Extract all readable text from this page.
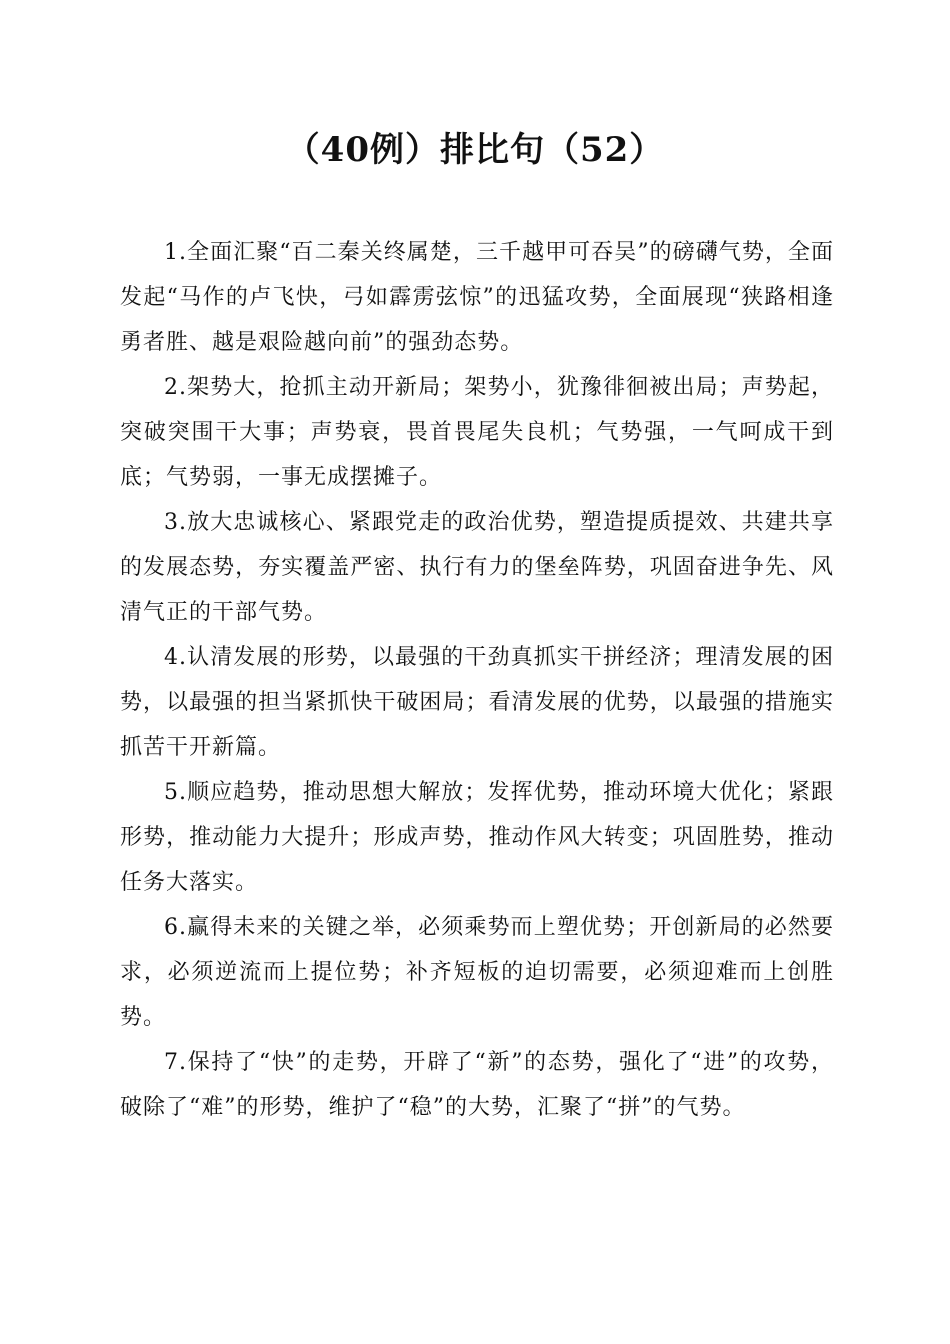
（40例）排比句（52）

1.全面汇聚“百二秦关终属楚，三千越甲可吞吴”的磅礴气势，全面发起“马作的卢飞快，弓如霹雳弦惊”的迅猛攻势，全面展现“狭路相逢勇者胜、越是艰险越向前”的强劲态势。

2.架势大，抢抓主动开新局；架势小，犹豫徘徊被出局；声势起，突破突围干大事；声势衰，畏首畏尾失良机；气势强，一气呵成干到底；气势弱，一事无成摆摊子。

3.放大忠诚核心、紧跟党走的政治优势，塑造提质提效、共建共享的发展态势，夯实覆盖严密、执行有力的堡垒阵势，巩固奋进争先、风清气正的干部气势。

4.认清发展的形势，以最强的干劲真抓实干拼经济；理清发展的困势，以最强的担当紧抓快干破困局；看清发展的优势，以最强的措施实抓苦干开新篇。

5.顺应趋势，推动思想大解放；发挥优势，推动环境大优化；紧跟形势，推动能力大提升；形成声势，推动作风大转变；巩固胜势，推动任务大落实。

6.赢得未来的关键之举，必须乘势而上塑优势；开创新局的必然要求，必须逆流而上提位势；补齐短板的迫切需要，必须迎难而上创胜势。

7.保持了“快”的走势，开辟了“新”的态势，强化了“进”的攻势，破除了“难”的形势，维护了“稳”的大势，汇聚了“拼”的气势。
